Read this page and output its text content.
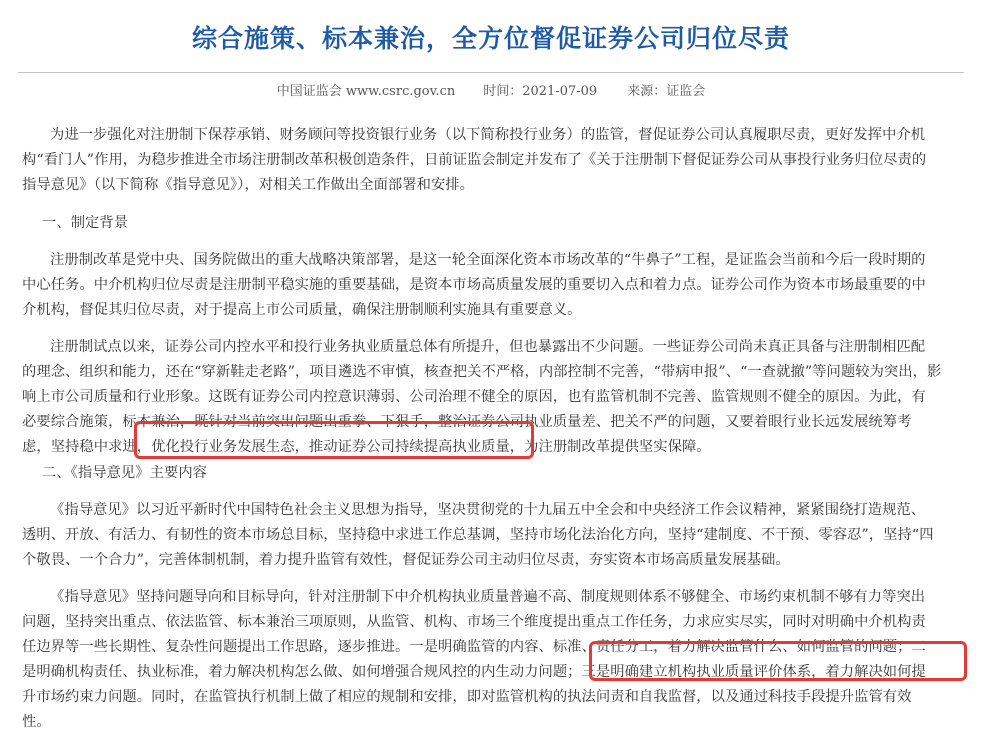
综合施策、标本兼治，全方位督促证券公司归位尽责
中国证监会 www.csrc.gov.cn 时间：2021-07-09 来源：证监会
为进一步强化对注册制下保荐承销、财务顾问等投资银行业务（以下简称投行业务）的监管，督促证券公司认真履职尽责，更好发挥中介机
构“看门人”作用，为稳步推进全市场注册制改革积极创造条件，日前证监会制定并发布了《关于注册制下督促证券公司从事投行业务归位尽责的
指导意见》（以下简称《指导意见》），对相关工作做出全面部署和安排。
一、制定背景
注册制改革是党中央、国务院做出的重大战略决策部署，是这一轮全面深化资本市场改革的“牛鼻子”工程，是证监会当前和今后一段时期的
中心任务。中介机构归位尽责是注册制平稳实施的重要基础，是资本市场高质量发展的重要切入点和着力点。证券公司作为资本市场最重要的中
介机构，督促其归位尽责，对于提高上市公司质量，确保注册制顺利实施具有重要意义。
注册制试点以来，证券公司内控水平和投行业务执业质量总体有所提升，但也暴露出不少问题。一些证券公司尚未真正具备与注册制相匹配
的理念、组织和能力，还在“穿新鞋走老路”，项目遴选不审慎，核查把关不严格，内部控制不完善，“带病申报”、“一查就撤”等问题较为突出，影
响上市公司质量和行业形象。这既有证券公司内控意识薄弱、公司治理不健全的原因，也有监管机制不完善、监管规则不健全的原因。为此，有
必要综合施策，标本兼治，既针对当前突出问题出重拳、下狠手，整治证券公司执业质量差、把关不严的问题，又要着眼行业长远发展统筹考
虑，坚持稳中求进，优化投行业务发展生态，推动证券公司持续提高执业质量，为注册制改革提供坚实保障。
二、《指导意见》主要内容
《指导意见》以习近平新时代中国特色社会主义思想为指导，坚决贯彻党的十九届五中全会和中央经济工作会议精神，紧紧围绕打造规范、
透明、开放、有活力、有韧性的资本市场总目标，坚持稳中求进工作总基调，坚持市场化法治化方向，坚持“建制度、不干预、零容忍”，坚持“四
个敬畏、一个合力”，完善体制机制，着力提升监管有效性，督促证券公司主动归位尽责，夯实资本市场高质量发展基础。
《指导意见》坚持问题导向和目标导向，针对注册制下中介机构执业质量普遍不高、制度规则体系不够健全、市场约束机制不够有力等突出
问题，坚持突出重点、依法监管、标本兼治三项原则，从监管、机构、市场三个维度提出重点工作任务，力求应实尽实，同时对明确中介机构责
任边界等一些长期性、复杂性问题提出工作思路，逐步推进。一是明确监管的内容、标准、责任分工，着力解决监管什么、如何监管的问题；二
是明确机构责任、执业标准，着力解决机构怎么做、如何增强合规风控的内生动力问题；三是明确建立机构执业质量评价体系，着力解决如何提
升市场约束力问题。同时，在监管执行机制上做了相应的规制和安排，即对监管机构的执法问责和自我监督，以及通过科技手段提升监管有效
性。
